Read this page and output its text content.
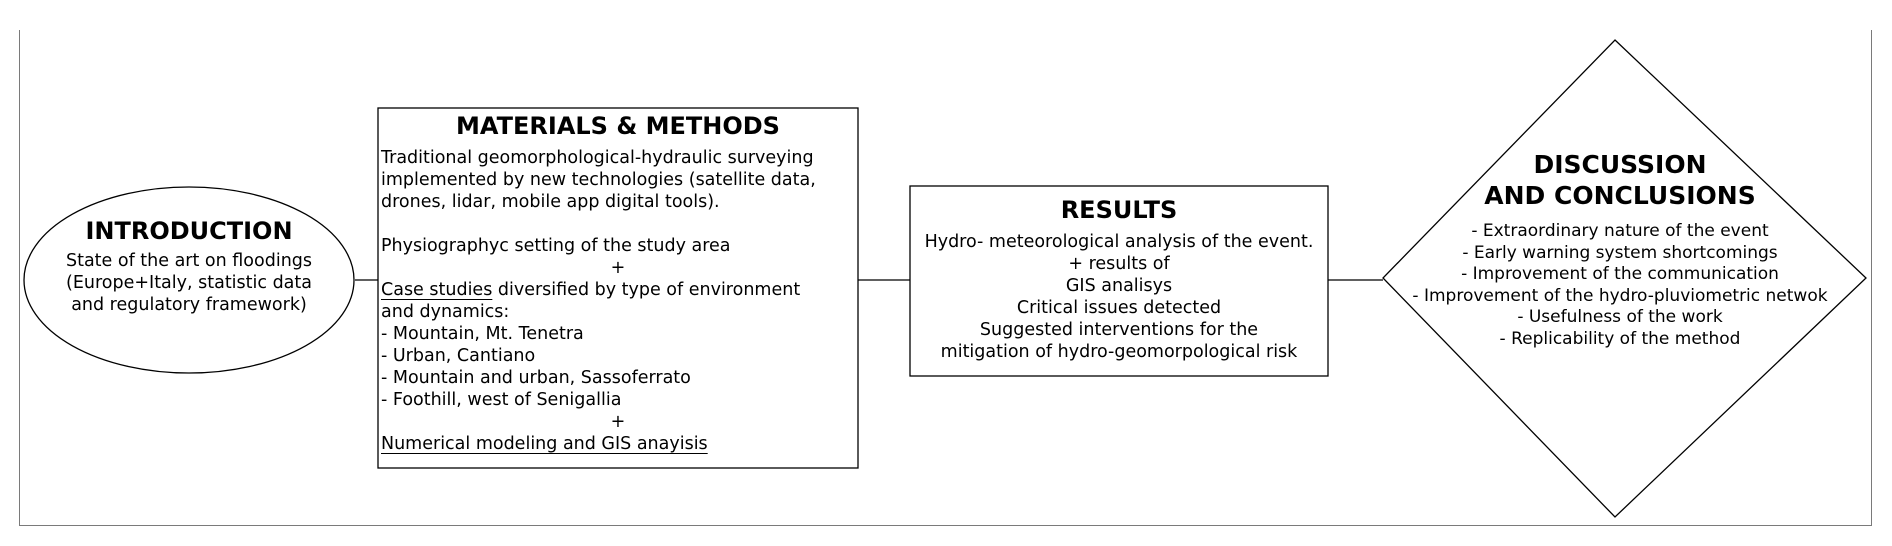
INTRODUCTION

State of the art on floodings

(Europe+Italy, statistic data

and regulatory framework)

MATERIALS & METHODS

Traditional geomorphological-hydraulic surveying

implemented by new technologies (satellite data,

drones, lidar, mobile app digital tools).

Physiographyc setting of the study area

+

Case studies diversified by type of environment

and dynamics:

- Mountain, Mt. Tenetra

- Urban, Cantiano

- Mountain and urban, Sassoferrato

- Foothill, west of Senigallia

+

Numerical modeling and GIS anayisis

RESULTS

Hydro- meteorological analysis of the event.

+ results of

GIS analisys

Critical issues detected

Suggested interventions for the

mitigation of hydro-geomorpological risk

DISCUSSION

AND CONCLUSIONS

- Extraordinary nature of the event

- Early warning system shortcomings

- Improvement of the communication

- Improvement of the hydro-pluviometric netwok

- Usefulness of the work

- Replicability of the method
